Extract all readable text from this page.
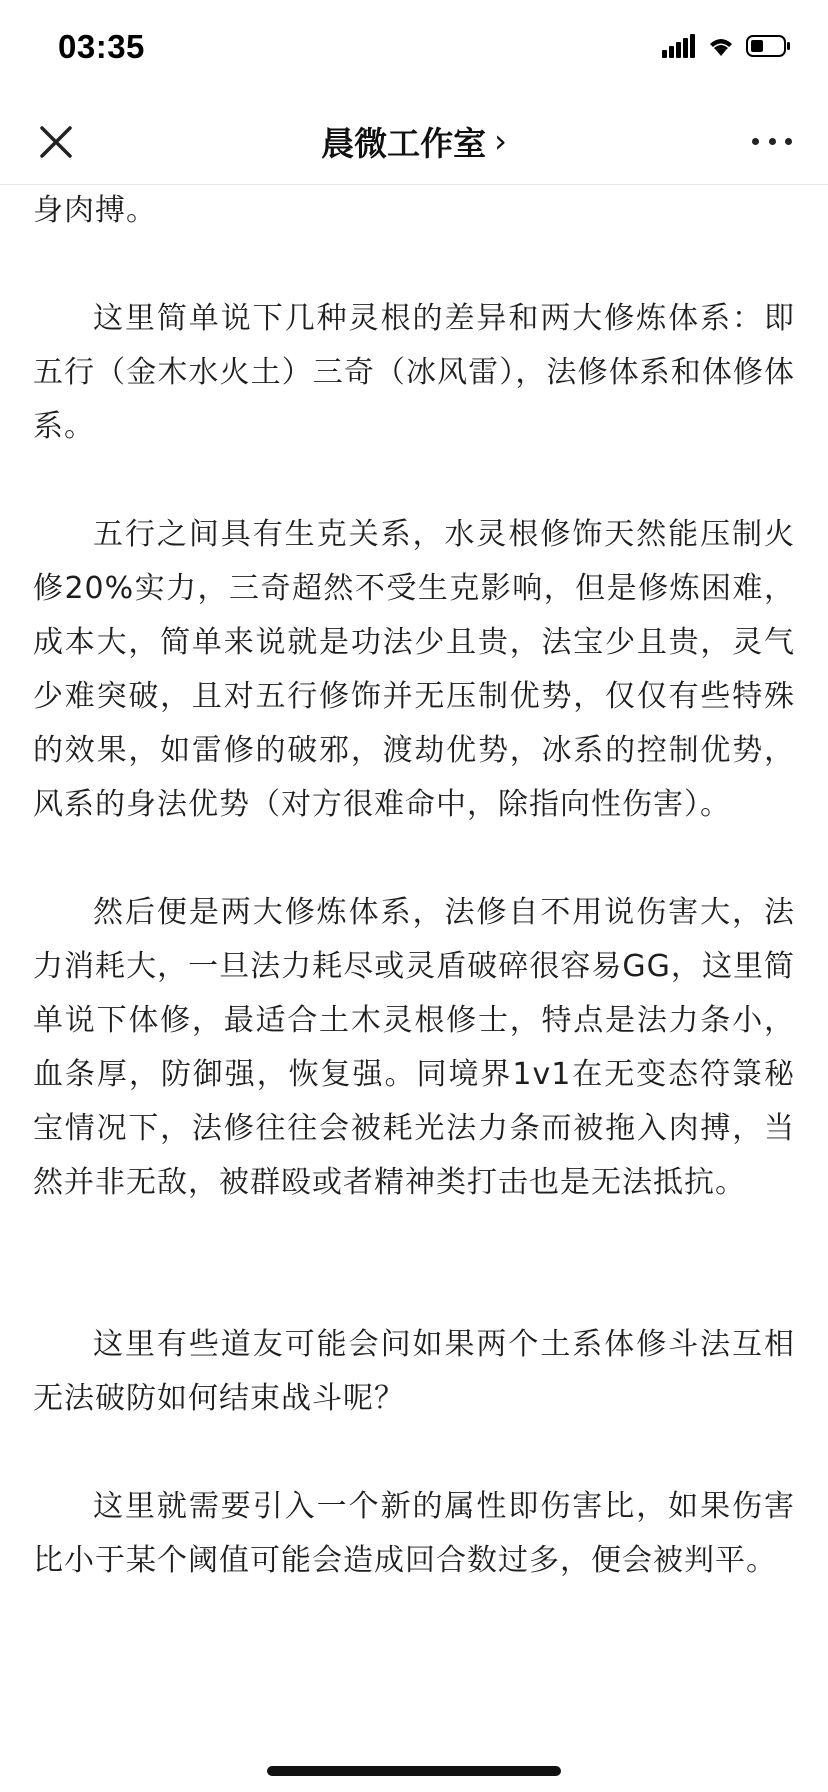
03:35
晨微工作室 ›

身肉搏。

这里简单说下几种灵根的差异和两大修炼体系：即五行（金木水火土）三奇（冰风雷），法修体系和体修体系。

五行之间具有生克关系，水灵根修饰天然能压制火修20%实力，三奇超然不受生克影响，但是修炼困难，成本大，简单来说就是功法少且贵，法宝少且贵，灵气少难突破，且对五行修饰并无压制优势，仅仅有些特殊的效果，如雷修的破邪，渡劫优势，冰系的控制优势，风系的身法优势（对方很难命中，除指向性伤害）。

然后便是两大修炼体系，法修自不用说伤害大，法力消耗大，一旦法力耗尽或灵盾破碎很容易GG，这里简单说下体修，最适合土木灵根修士，特点是法力条小，血条厚，防御强，恢复强。同境界1v1在无变态符箓秘宝情况下，法修往往会被耗光法力条而被拖入肉搏，当然并非无敌，被群殴或者精神类打击也是无法抵抗。

这里有些道友可能会问如果两个土系体修斗法互相无法破防如何结束战斗呢？

这里就需要引入一个新的属性即伤害比，如果伤害比小于某个阈值可能会造成回合数过多，便会被判平。
